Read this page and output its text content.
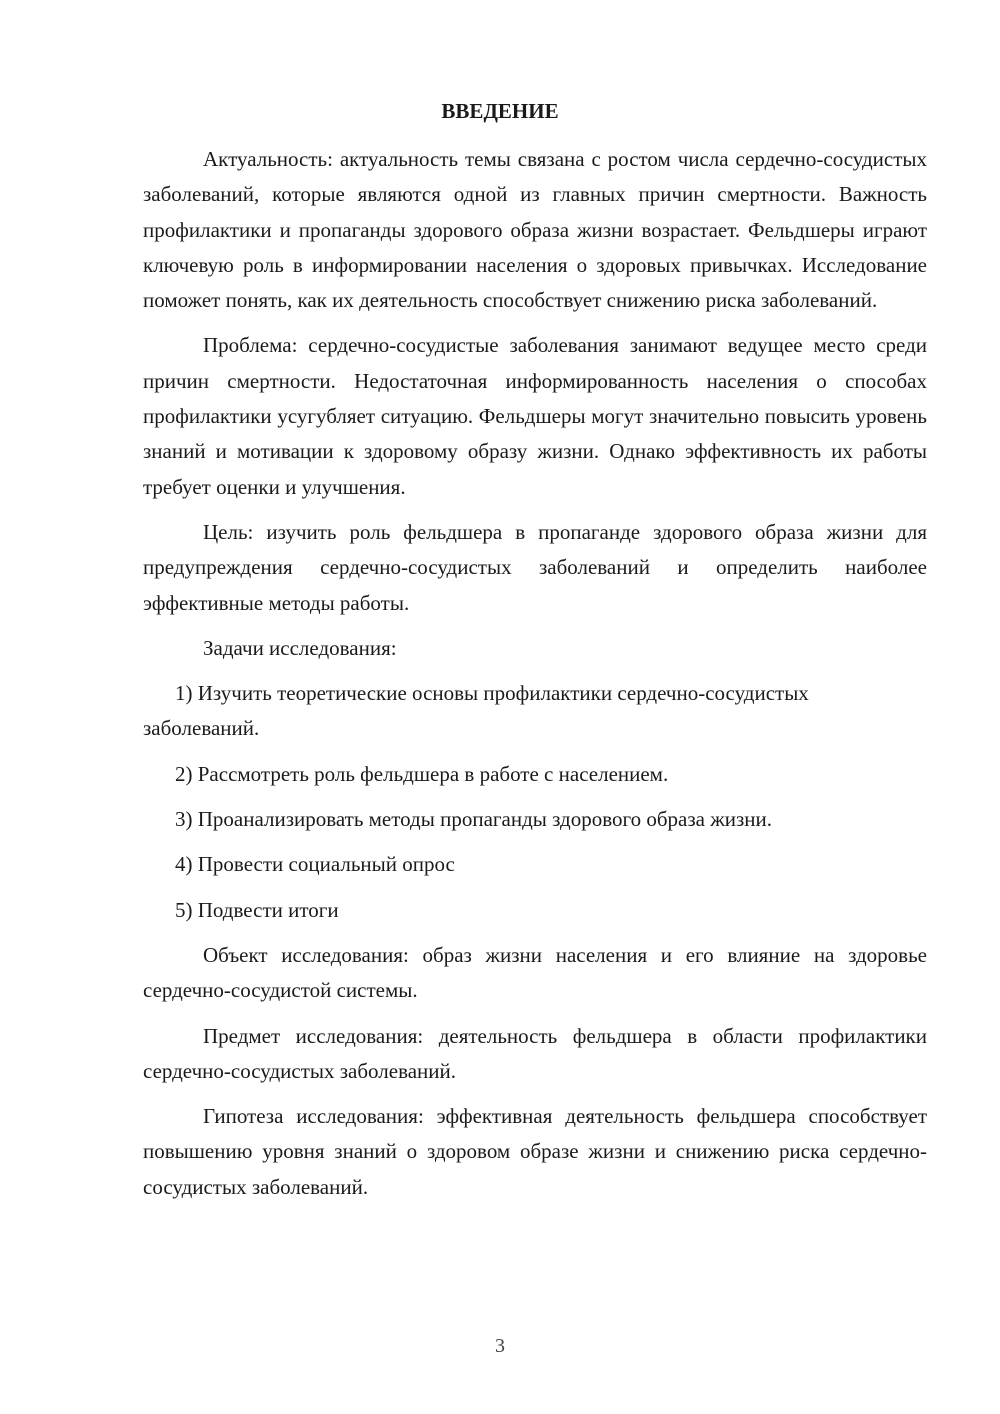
ВВЕДЕНИЕ

Актуальность: актуальность темы связана с ростом числа сердечно-сосудистых заболеваний, которые являются одной из главных причин смертности. Важность профилактики и пропаганды здорового образа жизни возрастает. Фельдшеры играют ключевую роль в информировании населения о здоровых привычках. Исследование поможет понять, как их деятельность способствует снижению риска заболеваний.

Проблема: сердечно-сосудистые заболевания занимают ведущее место среди причин смертности. Недостаточная информированность населения о способах профилактики усугубляет ситуацию. Фельдшеры могут значительно повысить уровень знаний и мотивации к здоровому образу жизни. Однако эффективность их работы требует оценки и улучшения.

Цель: изучить роль фельдшера в пропаганде здорового образа жизни для предупреждения сердечно-сосудистых заболеваний и определить наиболее эффективные методы работы.

Задачи исследования:

1) Изучить теоретические основы профилактики сердечно-сосудистых заболеваний.

2) Рассмотреть роль фельдшера в работе с населением.

3) Проанализировать методы пропаганды здорового образа жизни.

4) Провести социальный опрос

5) Подвести итоги

Объект исследования: образ жизни населения и его влияние на здоровье сердечно-сосудистой системы.

Предмет исследования: деятельность фельдшера в области профилактики сердечно-сосудистых заболеваний.

Гипотеза исследования: эффективная деятельность фельдшера способствует повышению уровня знаний о здоровом образе жизни и снижению риска сердечно-сосудистых заболеваний.

3
